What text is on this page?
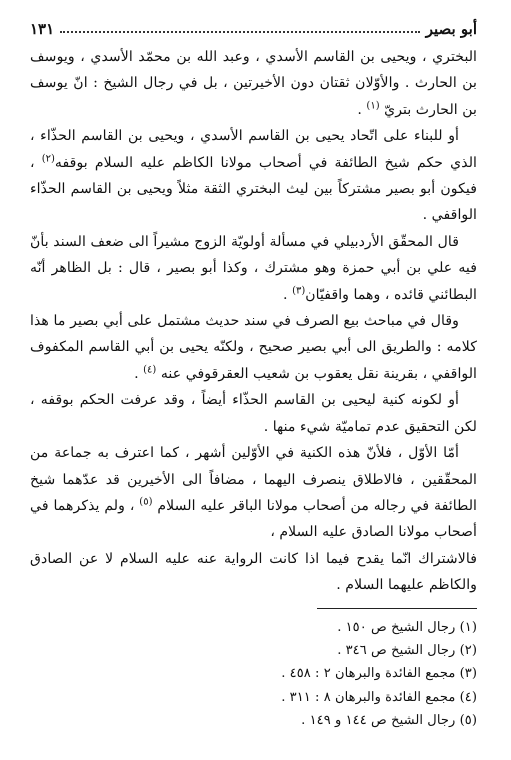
١٣١	أبو بصير

البختري ، ويحيى بن القاسم الأسدي ، وعبد الله بن محمّد الأسدي ، ويوسف بن الحارث . والأوّلان ثقتان دون الأخيرتين ، بل في رجال الشيخ : انّ يوسف بن الحارث بتريّ $^{(١)}$ .

أو للبناء على اتّحاد يحيى بن القاسم الأسدي ، ويحيى بن القاسم الحذّاء ، الذي حكم شيخ الطائفة في أصحاب مولانا الكاظم عليه السلام بوقفه$^{(٢)}$ ، فيكون أبو بصير مشتركاً بين ليث البختري الثقة مثلاً ويحيى بن القاسم الحذّاء الواقفي .

قال المحقّق الأردبيلي في مسألة أولويّة الزوج مشيراً الى ضعف السند بأنّ فيه علي بن أبي حمزة وهو مشترك ، وكذا أبو بصير ، قال : بل الظاهر أنّه البطائني قائده ، وهما واقفيّان$^{(٣)}$ .

وقال في مباحث بيع الصرف في سند حديث مشتمل على أبي بصير ما هذا كلامه : والطريق الى أبي بصير صحيح ، ولكنّه يحيى بن أبي القاسم المكفوف الواقفي ، بقرينة نقل يعقوب بن شعيب العقرقوفي عنه $^{(٤)}$ .

أو لكونه كنية ليحيى بن القاسم الحذّاء أيضاً ، وقد عرفت الحكم بوقفه ، لكن التحقيق عدم تماميّة شيء منها .

أمّا الأوّل ، فلأنّ هذه الكنية في الأوّلين أشهر ، كما اعترف به جماعة من المحقّقين ، فالاطلاق ينصرف اليهما ، مضافاً الى الأخيرين قد عدّهما شيخ الطائفة في رجاله من أصحاب مولانا الباقر عليه السلام $^{(٥)}$ ، ولم يذكرهما في أصحاب مولانا الصادق عليه السلام ،

فالاشتراك انّما يقدح فيما اذا كانت الرواية عنه عليه السلام لا عن الصادق والكاظم عليهما السلام .

(١) رجال الشيخ ص ١٥٠ .
(٢) رجال الشيخ ص ٣٤٦ .
(٣) مجمع الفائدة والبرهان ٢ : ٤٥٨ .
(٤) مجمع الفائدة والبرهان ٨ : ٣١١ .
(٥) رجال الشيخ ص ١٤٤ و ١٤٩ .
